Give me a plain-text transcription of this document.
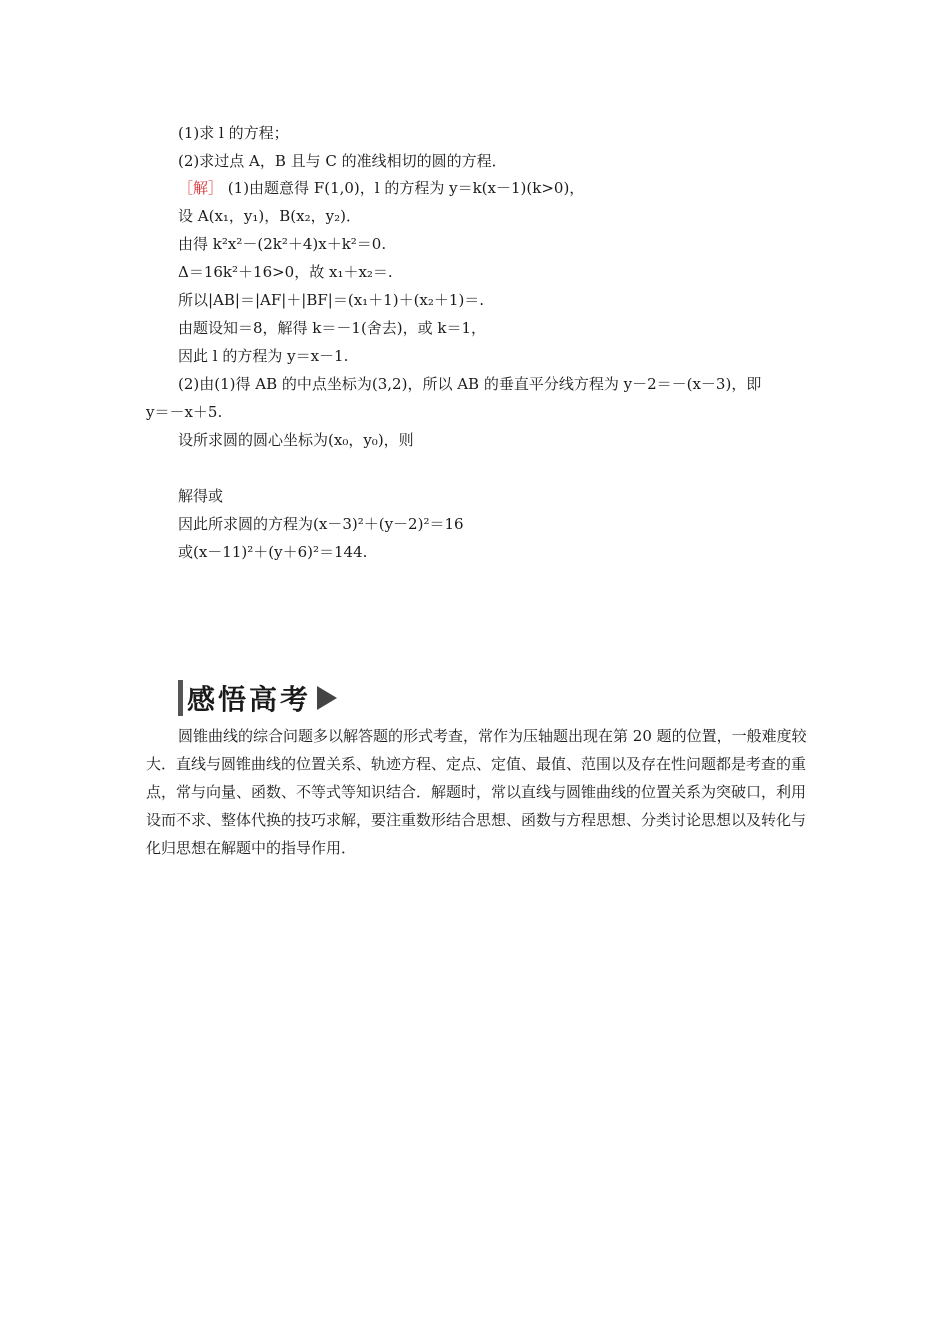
(1)求 l 的方程；
(2)求过点 A，B 且与 C 的准线相切的圆的方程．
［解］ (1)由题意得 F(1,0)，l 的方程为 y＝k(x－1)(k>0)，
设 A(x₁，y₁)，B(x₂，y₂)．
由得 k²x²－(2k²＋4)x＋k²＝0.
Δ＝16k²＋16>0，故 x₁＋x₂＝.
所以|AB|＝|AF|＋|BF|＝(x₁＋1)＋(x₂＋1)＝.
由题设知＝8，解得 k＝－1(舍去)，或 k＝1，
因此 l 的方程为 y＝x－1.
(2)由(1)得 AB 的中点坐标为(3,2)，所以 AB 的垂直平分线方程为 y－2＝－(x－3)，即
y＝－x＋5.
设所求圆的圆心坐标为(x₀，y₀)，则
解得或
因此所求圆的方程为(x－3)²＋(y－2)²＝16
或(x－11)²＋(y＋6)²＝144.
感悟高考
圆锥曲线的综合问题多以解答题的形式考查，常作为压轴题出现在第 20 题的位置，一般难度较大．直线与圆锥曲线的位置关系、轨迹方程、定点、定值、最值、范围以及存在性问题都是考查的重点，常与向量、函数、不等式等知识结合．解题时，常以直线与圆锥曲线的位置关系为突破口，利用设而不求、整体代换的技巧求解，要注重数形结合思想、函数与方程思想、分类讨论思想以及转化与化归思想在解题中的指导作用．
